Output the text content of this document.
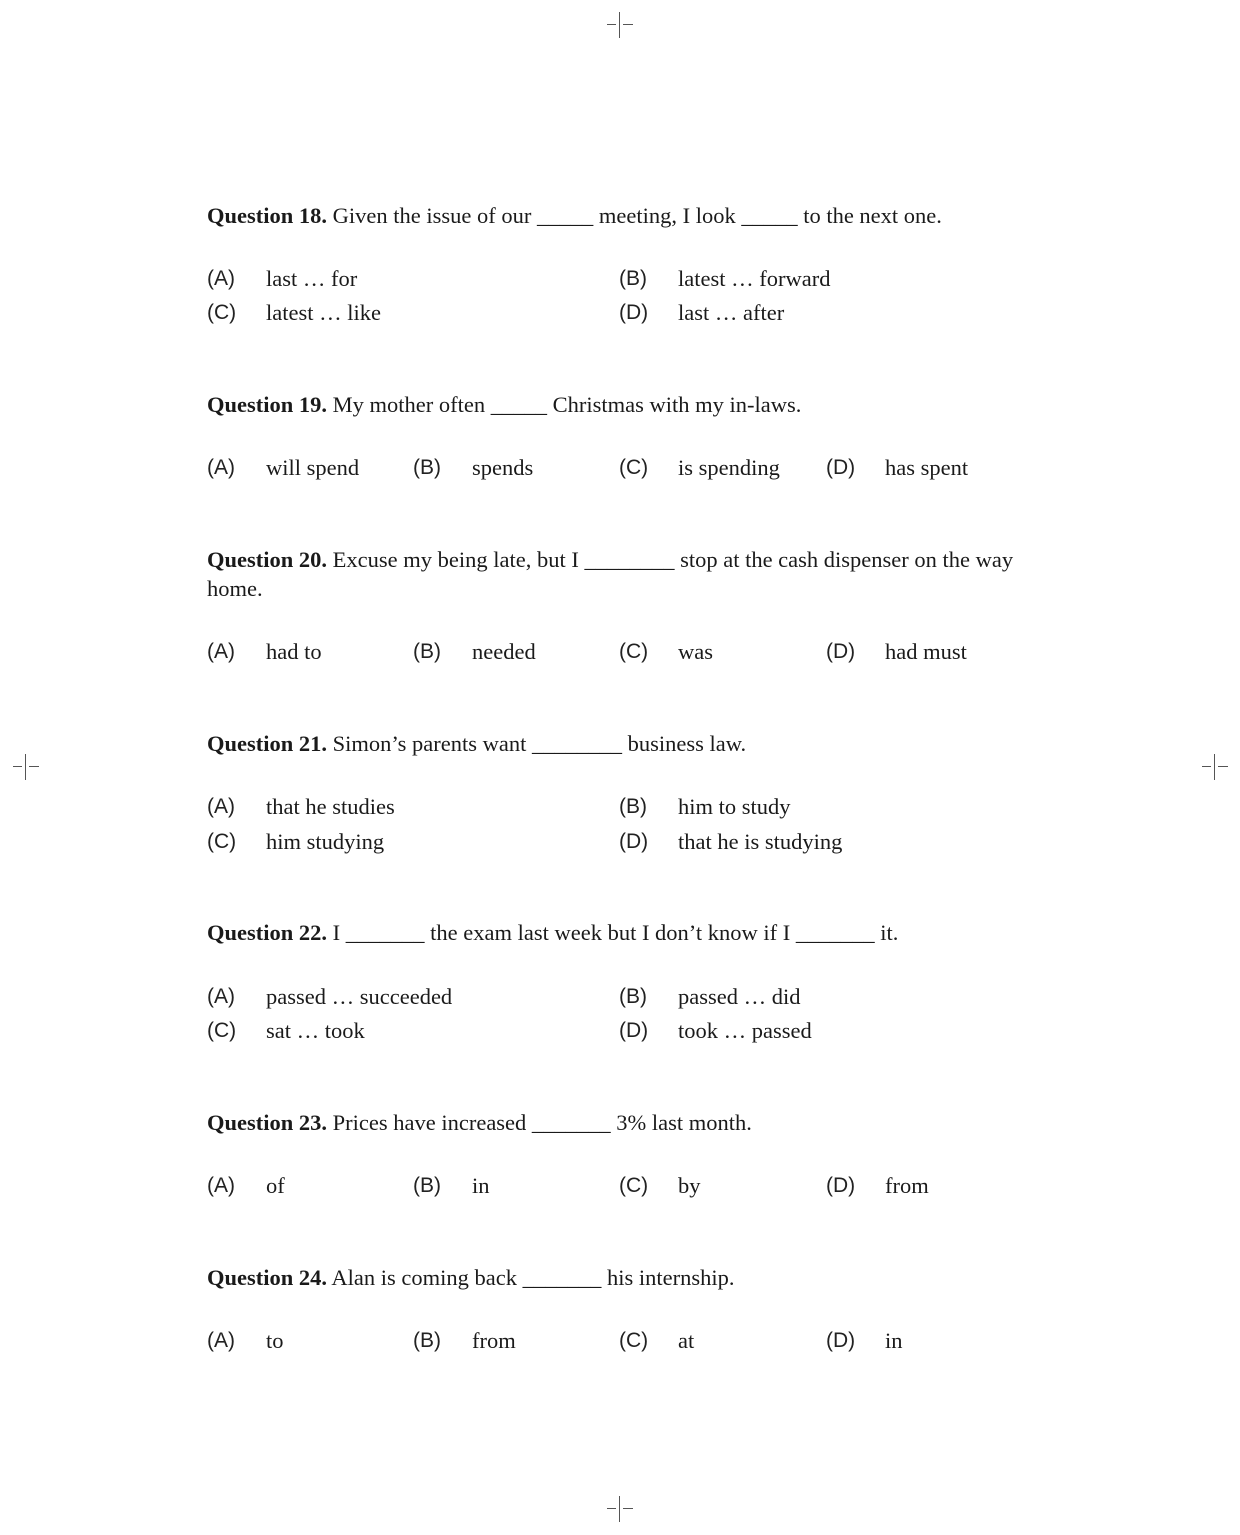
Question 18. Given the issue of our _____ meeting, I look _____ to the next one.

(A) last … for	(B) latest … forward
(C) latest … like	(D) last … after

Question 19. My mother often _____ Christmas with my in-laws.

(A) will spend	(B) spends	(C) is spending (D) has spent

Question 20. Excuse my being late, but I ________ stop at the cash dispenser on the way home.

(A) had to	(B) needed	(C) was	(D) had must

Question 21. Simon’s parents want ________ business law.

(A) that he studies	(B) him to study
(C) him studying	(D) that he is studying

Question 22. I _______ the exam last week but I don’t know if I _______ it.

(A) passed … succeeded	(B) passed … did
(C) sat … took	(D) took … passed

Question 23. Prices have increased _______ 3% last month.

(A) of	(B) in	(C) by	(D) from

Question 24. Alan is coming back _______ his internship.

(A) to	(B) from	(C) at	(D) in
